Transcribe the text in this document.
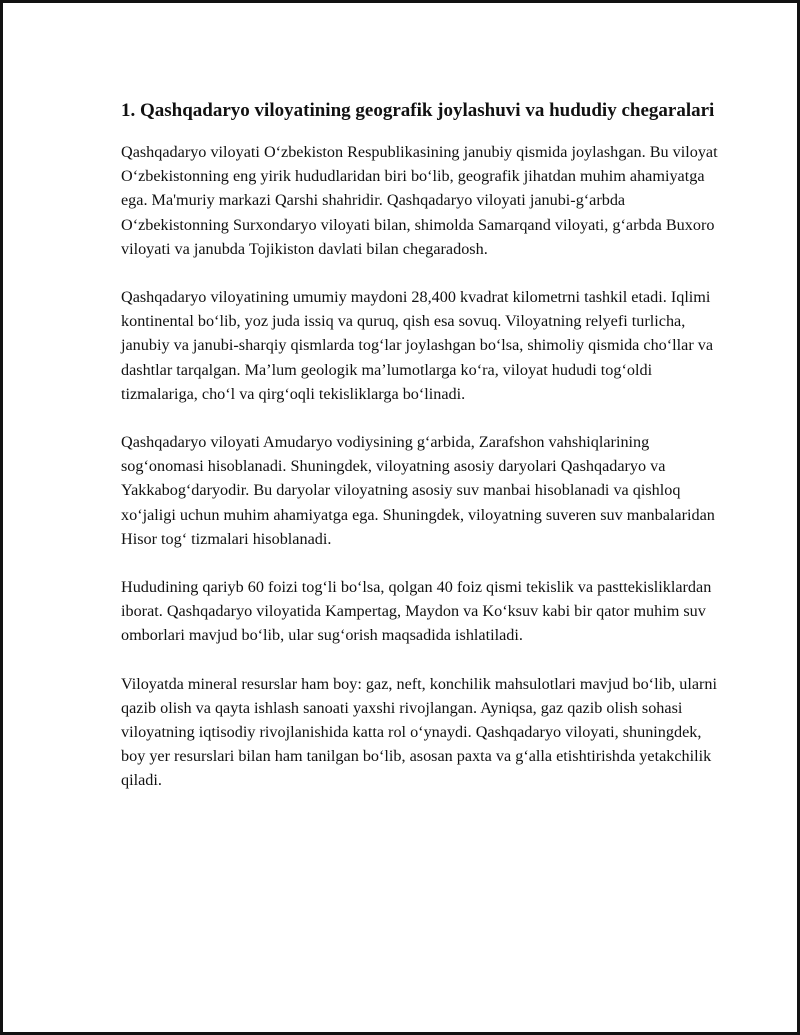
1. Qashqadaryo viloyatining geografik joylashuvi va hududiy chegaralari

Qashqadaryo viloyati O‘zbekiston Respublikasining janubiy qismida joylashgan. Bu viloyat O‘zbekistonning eng yirik hududlaridan biri bo‘lib, geografik jihatdan muhim ahamiyatga ega. Ma'muriy markazi Qarshi shahridir. Qashqadaryo viloyati janubi-g‘arbda O‘zbekistonning Surxondaryo viloyati bilan, shimolda Samarqand viloyati, g‘arbda Buxoro viloyati va janubda Tojikiston davlati bilan chegaradosh.

Qashqadaryo viloyatining umumiy maydoni 28,400 kvadrat kilometrni tashkil etadi. Iqlimi kontinental bo‘lib, yoz juda issiq va quruq, qish esa sovuq. Viloyatning relyefi turlicha, janubiy va janubi-sharqiy qismlarda tog‘lar joylashgan bo‘lsa, shimoliy qismida cho‘llar va dashtlar tarqalgan. Ma’lum geologik ma’lumotlarga ko‘ra, viloyat hududi tog‘oldi tizmalariga, cho‘l va qirg‘oqli tekisliklarga bo‘linadi.

Qashqadaryo viloyati Amudaryo vodiysining g‘arbida, Zarafshon vahshiqlarining sog‘onomasi hisoblanadi. Shuningdek, viloyatning asosiy daryolari Qashqadaryo va Yakkabog‘daryodir. Bu daryolar viloyatning asosiy suv manbai hisoblanadi va qishloq xo‘jaligi uchun muhim ahamiyatga ega. Shuningdek, viloyatning suveren suv manbalaridan Hisor tog‘ tizmalari hisoblanadi.

Hududining qariyb 60 foizi tog‘li bo‘lsa, qolgan 40 foiz qismi tekislik va pasttekisliklardan iborat. Qashqadaryo viloyatida Kampertag, Maydon va Ko‘ksuv kabi bir qator muhim suv omborlari mavjud bo‘lib, ular sug‘orish maqsadida ishlatiladi.

Viloyatda mineral resurslar ham boy: gaz, neft, konchilik mahsulotlari mavjud bo‘lib, ularni qazib olish va qayta ishlash sanoati yaxshi rivojlangan. Ayniqsa, gaz qazib olish sohasi viloyatning iqtisodiy rivojlanishida katta rol o‘ynaydi. Qashqadaryo viloyati, shuningdek, boy yer resurslari bilan ham tanilgan bo‘lib, asosan paxta va g‘alla etishtirishda yetakchilik qiladi.
